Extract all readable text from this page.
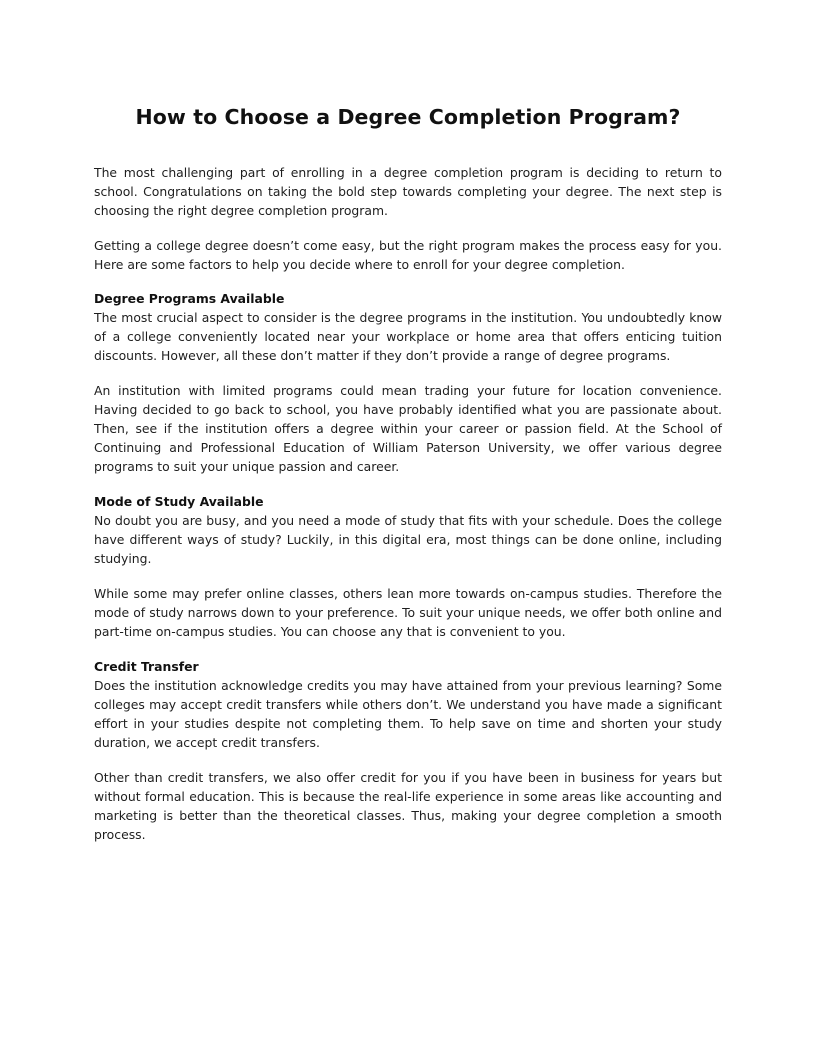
How to Choose a Degree Completion Program?

The most challenging part of enrolling in a degree completion program is deciding to return to school. Congratulations on taking the bold step towards completing your degree. The next step is choosing the right degree completion program.

Getting a college degree doesn’t come easy, but the right program makes the process easy for you. Here are some factors to help you decide where to enroll for your degree completion.

Degree Programs Available

The most crucial aspect to consider is the degree programs in the institution. You undoubtedly know of a college conveniently located near your workplace or home area that offers enticing tuition discounts. However, all these don’t matter if they don’t provide a range of degree programs.

An institution with limited programs could mean trading your future for location convenience. Having decided to go back to school, you have probably identified what you are passionate about. Then, see if the institution offers a degree within your career or passion field. At the School of Continuing and Professional Education of William Paterson University, we offer various degree programs to suit your unique passion and career.

Mode of Study Available

No doubt you are busy, and you need a mode of study that fits with your schedule. Does the college have different ways of study? Luckily, in this digital era, most things can be done online, including studying.

While some may prefer online classes, others lean more towards on-campus studies. Therefore the mode of study narrows down to your preference. To suit your unique needs, we offer both online and part-time on-campus studies. You can choose any that is convenient to you.

Credit Transfer

Does the institution acknowledge credits you may have attained from your previous learning? Some colleges may accept credit transfers while others don’t. We understand you have made a significant effort in your studies despite not completing them. To help save on time and shorten your study duration, we accept credit transfers.

Other than credit transfers, we also offer credit for you if you have been in business for years but without formal education. This is because the real-life experience in some areas like accounting and marketing is better than the theoretical classes. Thus, making your degree completion a smooth process.
